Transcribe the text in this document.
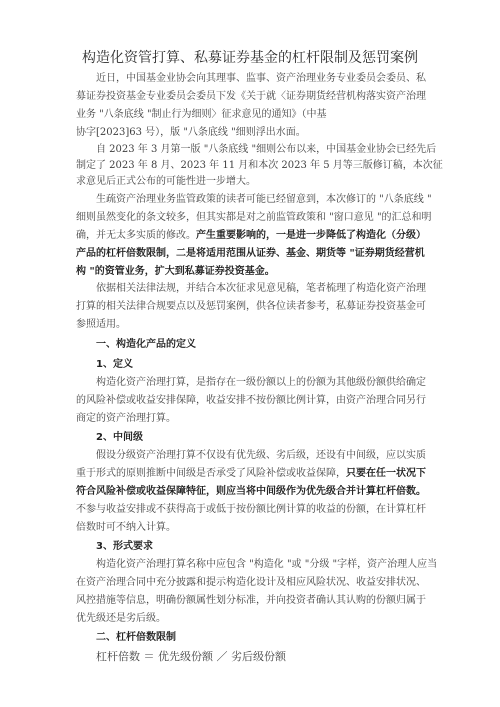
构造化资管打算、私募证券基金的杠杆限制及惩罚案例
近日，中国基金业协会向其理事、监事、资产治理业务专业委员会委员、私
募证券投资基金专业委员会委员下发《关于就〈证券期货经营机构落实资产治理
业务 "八条底线 "制止行为细则〉征求意见的通知》（中基
协字[2023]63 号），版 "八条底线 "细则浮出水面。
自 2023 年 3 月第一版 "八条底线 "细则公布以来，中国基金业协会已经先后
制定了 2023 年 8 月、2023 年 11 月和本次 2023 年 5 月等三版修订稿，本次征
求意见后正式公布的可能性进一步增大。
生疏资产治理业务监管政策的读者可能已经留意到，本次修订的 "八条底线 "
细则虽然变化的条文较多，但其实都是对之前监管政策和 "窗口意见 "的汇总和明
确，并无太多实质的修改。产生重要影响的，一是进一步降低了构造化（分级）
产品的杠杆倍数限制，二是将适用范围从证券、基金、期货等 "证券期货经营机
构 "的资管业务，扩大到私募证券投资基金。
依据相关法律法规，并结合本次征求见意见稿，笔者梳理了构造化资产治理
打算的相关法律合规要点以及惩罚案例，供各位读者参考，私募证券投资基金可
参照适用。
一、构造化产品的定义
1、定义
构造化资产治理打算，是指存在一级份额以上的份额为其他级份额供给确定
的风险补偿或收益安排保障，收益安排不按份额比例计算，由资产治理合同另行
商定的资产治理打算。
2、中间级
假设分级资产治理打算不仅设有优先级、劣后级，还设有中间级，应以实质
重于形式的原则推断中间级是否承受了风险补偿或收益保障，只要在任一状况下
符合风险补偿或收益保障特征，则应当将中间级作为优先级合并计算杠杆倍数。
不参与收益安排或不获得高于或低于按份额比例计算的收益的份额，在计算杠杆
倍数时可不纳入计算。
3、形式要求
构造化资产治理打算名称中应包含 "构造化 "或 "分级 "字样，资产治理人应当
在资产治理合同中充分披露和提示构造化设计及相应风险状况、收益安排状况、
风控措施等信息，明确份额属性划分标准，并向投资者确认其认购的份额归属于
优先级还是劣后级。
二、杠杆倍数限制
杠杆倍数 ＝ 优先级份额 ／ 劣后级份额
